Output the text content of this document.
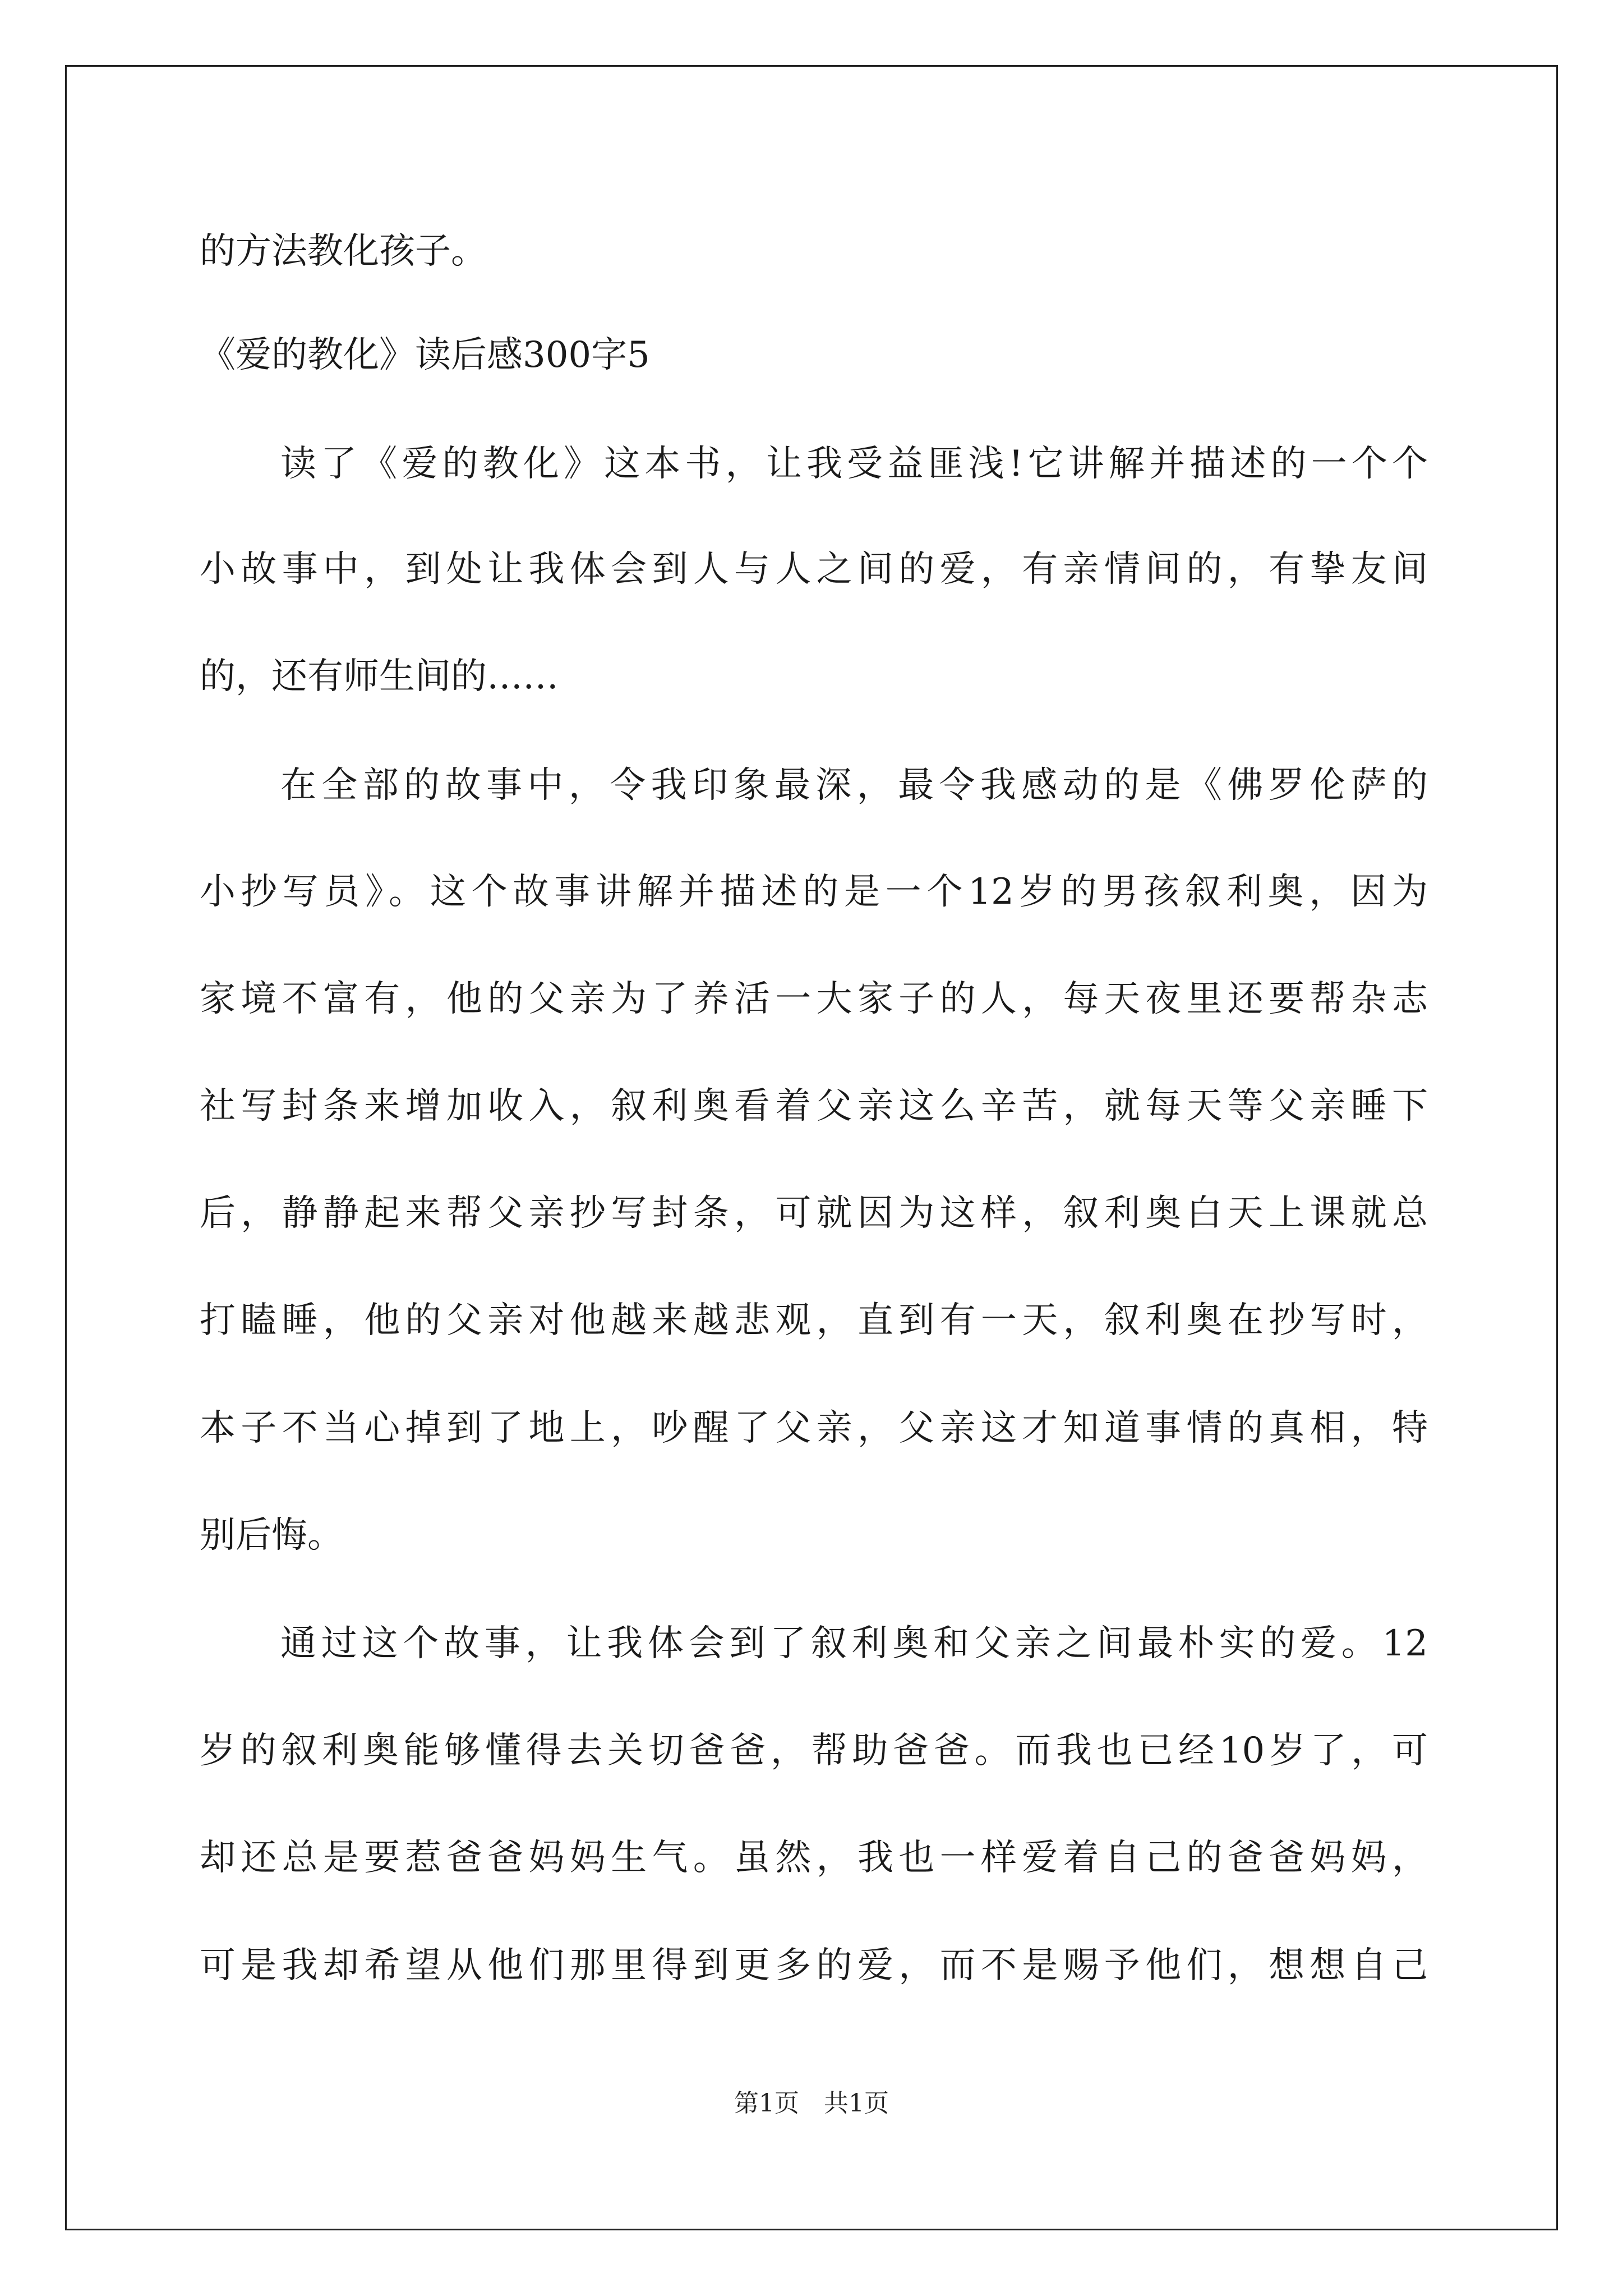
的方法教化孩子。
《爱的教化》读后感300字5
读了《爱的教化》这本书，让我受益匪浅!它讲解并描述的一个个
小故事中，到处让我体会到人与人之间的爱，有亲情间的，有挚友间
的，还有师生间的……
在全部的故事中，令我印象最深，最令我感动的是《佛罗伦萨的
小抄写员》。这个故事讲解并描述的是一个12岁的男孩叙利奥，因为
家境不富有，他的父亲为了养活一大家子的人，每天夜里还要帮杂志
社写封条来增加收入，叙利奥看着父亲这么辛苦，就每天等父亲睡下
后，静静起来帮父亲抄写封条，可就因为这样，叙利奥白天上课就总
打瞌睡，他的父亲对他越来越悲观，直到有一天，叙利奥在抄写时，
本子不当心掉到了地上，吵醒了父亲，父亲这才知道事情的真相，特
别后悔。
通过这个故事，让我体会到了叙利奥和父亲之间最朴实的爱。12
岁的叙利奥能够懂得去关切爸爸，帮助爸爸。而我也已经10岁了，可
却还总是要惹爸爸妈妈生气。虽然，我也一样爱着自己的爸爸妈妈，
可是我却希望从他们那里得到更多的爱，而不是赐予他们，想想自己
第1页　共1页
